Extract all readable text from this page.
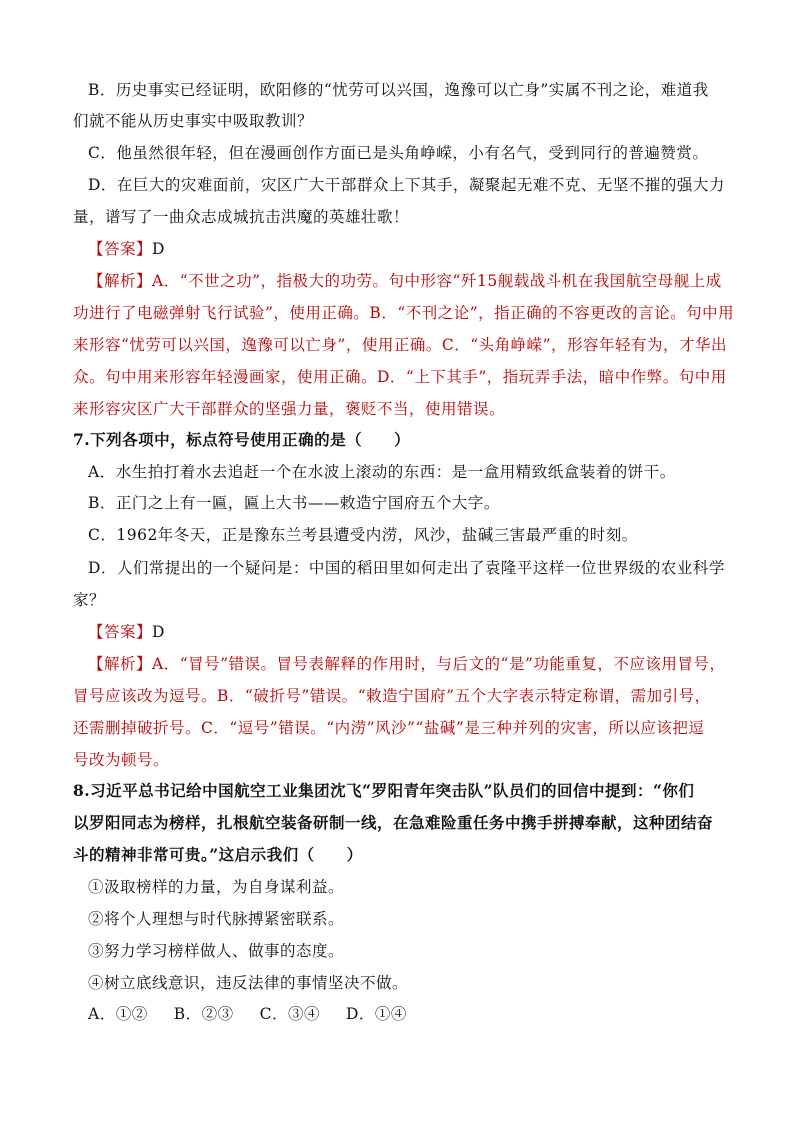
B．历史事实已经证明，欧阳修的“忧劳可以兴国，逸豫可以亡身”实属不刊之论，难道我
们就不能从历史事实中吸取教训？
C．他虽然很年轻，但在漫画创作方面已是头角峥嵘，小有名气，受到同行的普遍赞赏。
D．在巨大的灾难面前，灾区广大干部群众上下其手，凝聚起无难不克、无坚不摧的强大力
量，谱写了一曲众志成城抗击洪魔的英雄壮歌！
【答案】D
【解析】A．“不世之功”，指极大的功劳。句中形容“歼15舰载战斗机在我国航空母舰上成
功进行了电磁弹射飞行试验”，使用正确。B．“不刊之论”，指正确的不容更改的言论。句中用
来形容“忧劳可以兴国，逸豫可以亡身”，使用正确。C．“头角峥嵘”，形容年轻有为，才华出
众。句中用来形容年轻漫画家，使用正确。D．“上下其手”，指玩弄手法，暗中作弊。句中用
来形容灾区广大干部群众的坚强力量，褒贬不当，使用错误。
7.下列各项中，标点符号使用正确的是（　　）
A．水生拍打着水去追赶一个在水波上滚动的东西：是一盒用精致纸盒装着的饼干。
B．正门之上有一匾，匾上大书——敕造宁国府五个大字。
C．1962年冬天，正是豫东兰考县遭受内涝，风沙，盐碱三害最严重的时刻。
D．人们常提出的一个疑问是：中国的稻田里如何走出了袁隆平这样一位世界级的农业科学
家？
【答案】D
【解析】A．“冒号”错误。冒号表解释的作用时，与后文的“是”功能重复，不应该用冒号，
冒号应该改为逗号。B．“破折号”错误。“敕造宁国府”五个大字表示特定称谓，需加引号，
还需删掉破折号。C．“逗号”错误。“内涝”风沙”“盐碱”是三种并列的灾害，所以应该把逗
号改为顿号。
8.习近平总书记给中国航空工业集团沈飞“罗阳青年突击队”队员们的回信中提到：“你们
以罗阳同志为榜样，扎根航空装备研制一线，在急难险重任务中携手拼搏奉献，这种团结奋
斗的精神非常可贵。”这启示我们（　　）
①汲取榜样的力量，为自身谋利益。
②将个人理想与时代脉搏紧密联系。
③努力学习榜样做人、做事的态度。
④树立底线意识，违反法律的事情坚决不做。
A．①② B．②③ C．③④ D．①④
